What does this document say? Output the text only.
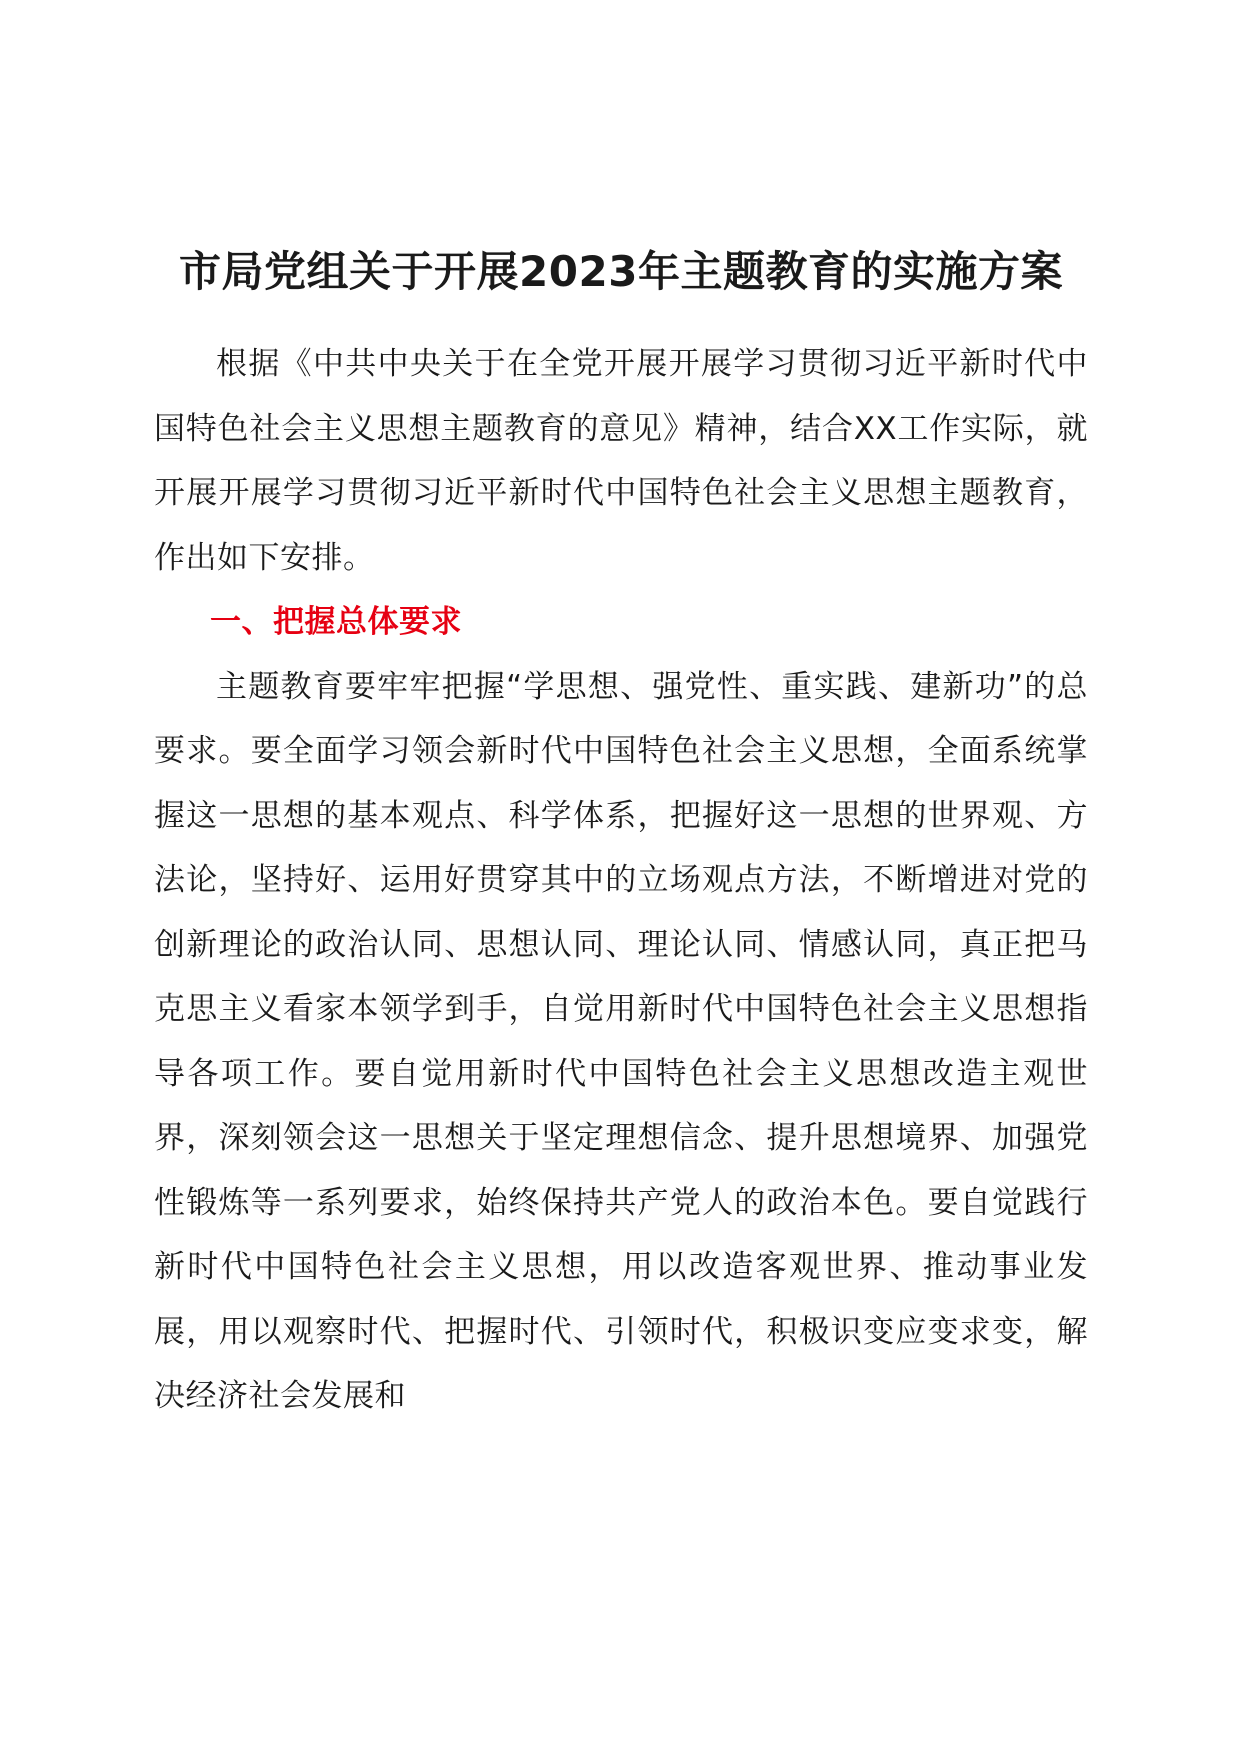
市局党组关于开展2023年主题教育的实施方案

根据《中共中央关于在全党开展开展学习贯彻习近平新时代中国特色社会主义思想主题教育的意见》精神，结合XX工作实际，就开展开展学习贯彻习近平新时代中国特色社会主义思想主题教育，作出如下安排。

一、把握总体要求

主题教育要牢牢把握“学思想、强党性、重实践、建新功”的总要求。要全面学习领会新时代中国特色社会主义思想，全面系统掌握这一思想的基本观点、科学体系，把握好这一思想的世界观、方法论，坚持好、运用好贯穿其中的立场观点方法，不断增进对党的创新理论的政治认同、思想认同、理论认同、情感认同，真正把马克思主义看家本领学到手，自觉用新时代中国特色社会主义思想指导各项工作。要自觉用新时代中国特色社会主义思想改造主观世界，深刻领会这一思想关于坚定理想信念、提升思想境界、加强党性锻炼等一系列要求，始终保持共产党人的政治本色。要自觉践行新时代中国特色社会主义思想，用以改造客观世界、推动事业发展，用以观察时代、把握时代、引领时代，积极识变应变求变，解决经济社会发展和
